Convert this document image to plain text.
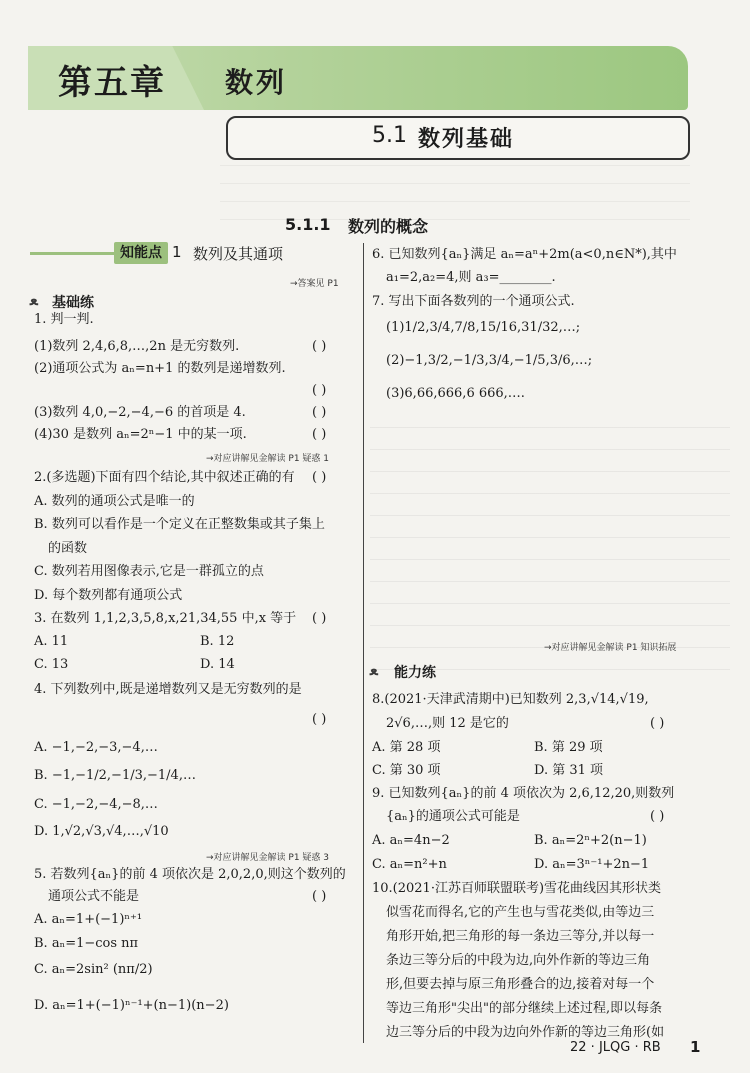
第五章 数列
5.1 数列基础
5.1.1 数列的概念
知能点 1 数列及其通项
→答案见 P1
ﻌ 基础练
ﻌ 能力练
1. 判一判.
(1)数列 2,4,6,8,…,2n 是无穷数列.	( )
(2)通项公式为 aₙ=n+1 的数列是递增数列.
( )
(3)数列 4,0,−2,−4,−6 的首项是 4.	( )
(4)30 是数列 aₙ=2ⁿ−1 中的某一项.	( )
2.(多选题)下面有四个结论,其中叙述正确的有 ( )
A. 数列的通项公式是唯一的
B. 数列可以看作是一个定义在正整数集或其子集上
的函数
C. 数列若用图像表示,它是一群孤立的点
D. 每个数列都有通项公式
3. 在数列 1,1,2,3,5,8,x,21,34,55 中,x 等于 ( )
A. 11	B. 12
C. 13	D. 14
4. 下列数列中,既是递增数列又是无穷数列的是
( )
A. −1,−2,−3,−4,…
B. −1,−1/2,−1/3,−1/4,…
C. −1,−2,−4,−8,…
D. 1,√2,√3,√4,…,√10
5. 若数列{aₙ}的前 4 项依次是 2,0,2,0,则这个数列的
通项公式不能是	( )
A. aₙ=1+(−1)ⁿ⁺¹
B. aₙ=1−cos nπ
C. aₙ=2sin² (nπ/2)
D. aₙ=1+(−1)ⁿ⁻¹+(n−1)(n−2)
→对应讲解见金解读 P1 疑惑 1
→对应讲解见金解读 P1 疑惑 3
6. 已知数列{aₙ}满足 aₙ=aⁿ+2m(a<0,n∈N*),其中
a₁=2,a₂=4,则 a₃=________.
7. 写出下面各数列的一个通项公式.
(1)1/2,3/4,7/8,15/16,31/32,…;
(2)−1,3/2,−1/3,3/4,−1/5,3/6,…;
(3)6,66,666,6 666,….
8.(2021·天津武清期中)已知数列 2,3,√14,√19,
2√6,…,则 12 是它的	( )
A. 第 28 项	B. 第 29 项
C. 第 30 项	D. 第 31 项
9. 已知数列{aₙ}的前 4 项依次为 2,6,12,20,则数列
{aₙ}的通项公式可能是	( )
A. aₙ=4n−2	B. aₙ=2ⁿ+2(n−1)
C. aₙ=n²+n	D. aₙ=3ⁿ⁻¹+2n−1
10.(2021·江苏百师联盟联考)雪花曲线因其形状类
似雪花而得名,它的产生也与雪花类似,由等边三
角形开始,把三角形的每一条边三等分,并以每一
条边三等分后的中段为边,向外作新的等边三角
形,但要去掉与原三角形叠合的边,接着对每一个
等边三角形"尖出"的部分继续上述过程,即以每条
边三等分后的中段为边向外作新的等边三角形(如
→对应讲解见金解读 P1 知识拓展
22 · JLQG · RB 1
